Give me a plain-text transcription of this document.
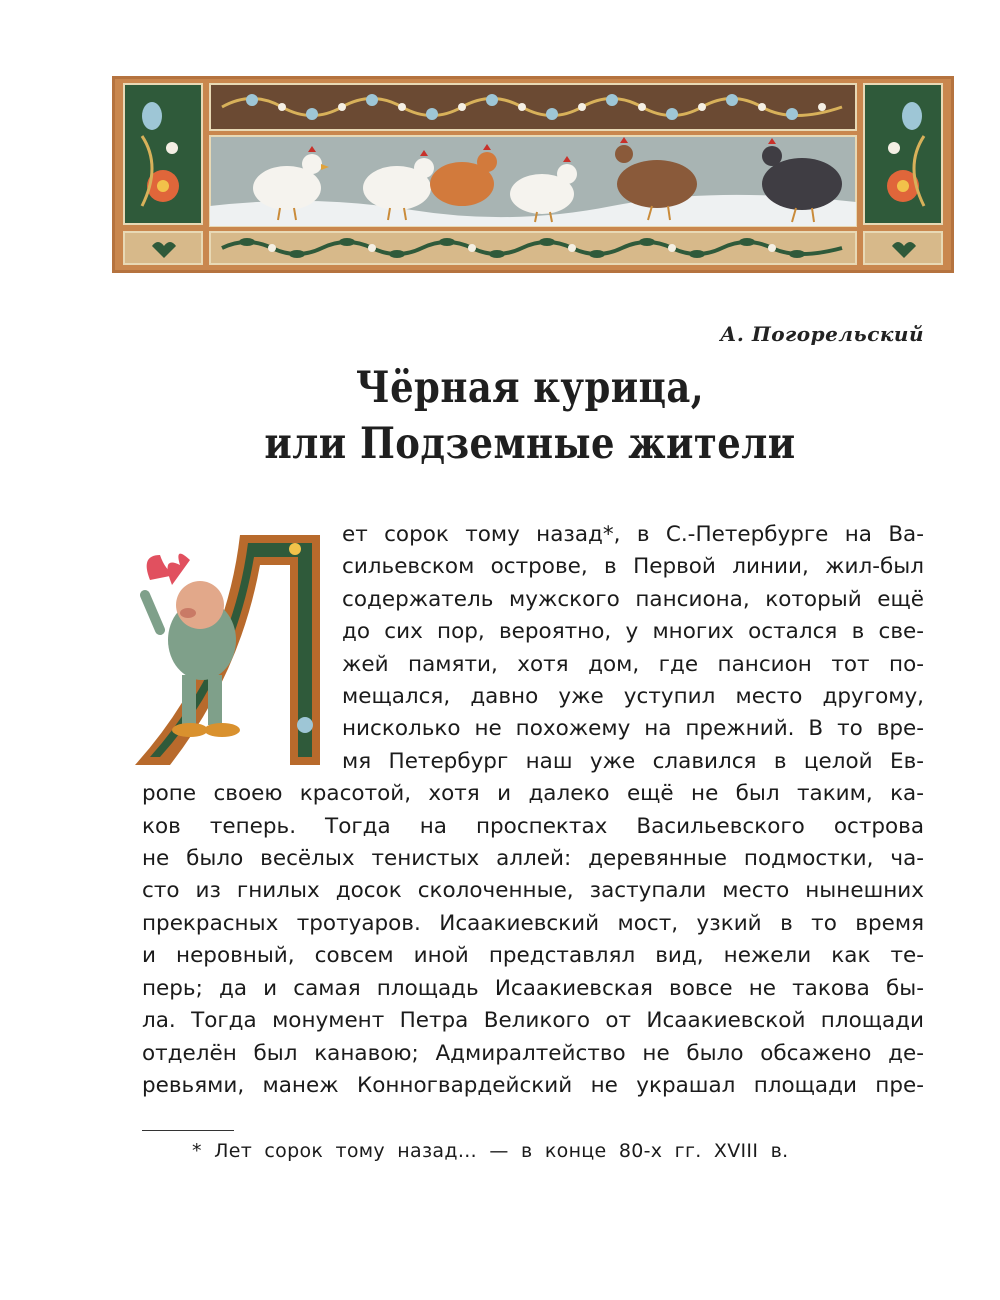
А. Погорельский
Чёрная курица,
или Подземные жители
ет сорок тому назад*, в С.-Петербурге на Ва-
сильевском острове, в Первой линии, жил-был
содержатель мужского пансиона, который ещё
до сих пор, вероятно, у многих остался в све-
жей памяти, хотя дом, где пансион тот по-
мещался, давно уже уступил место другому,
нисколько не похожему на прежний. В то вре-
мя Петербург наш уже славился в целой Ев-
ропе своею красотой, хотя и далеко ещё не был таким, ка-
ков теперь. Тогда на проспектах Васильевского острова
не было весёлых тенистых аллей: деревянные подмостки, ча-
сто из гнилых досок сколоченные, заступали место нынешних
прекрасных тротуаров. Исаакиевский мост, узкий в то время
и неровный, совсем иной представлял вид, нежели как те-
перь; да и самая площадь Исаакиевская вовсе не такова бы-
ла. Тогда монумент Петра Великого от Исаакиевской площади
отделён был канавою; Адмиралтейство не было обсажено де-
ревьями, манеж Конногвардейский не украшал площади пре-
* Лет сорок тому назад… — в конце 80-х гг. XVIII в.
